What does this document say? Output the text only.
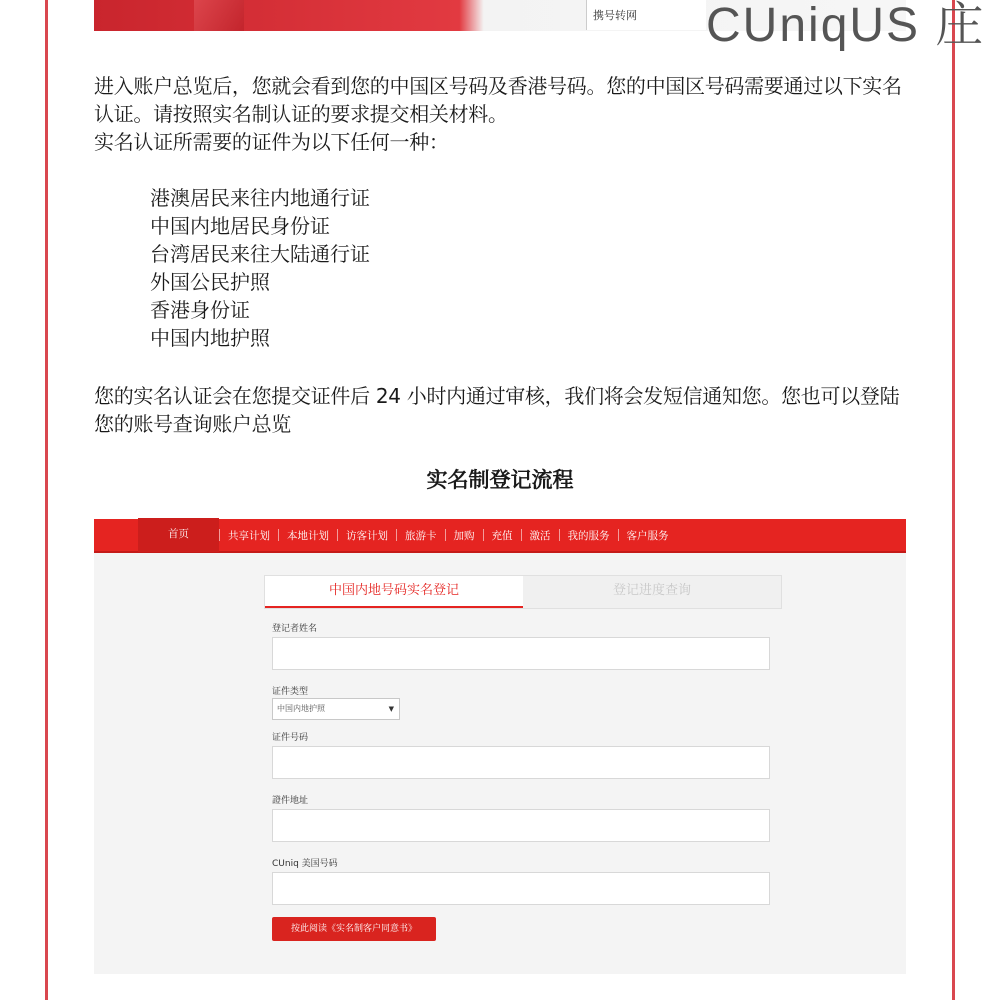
携号转网	CUniqUS 庄

进入账户总览后，您就会看到您的中国区号码及香港号码。您的中国区号码需要通过以下实名认证。请按照实名制认证的要求提交相关材料。
实名认证所需要的证件为以下任何一种：

港澳居民来往内地通行证
中国内地居民身份证
台湾居民来往大陆通行证
外国公民护照
香港身份证
中国内地护照

您的实名认证会在您提交证件后 24 小时内通过审核，我们将会发短信通知您。您也可以登陆您的账号查询账户总览

实名制登记流程
首页	共享计划	本地计划	访客计划	旅游卡	加购	充值	激活	我的服务	客户服务
中国内地号码实名登记	登记进度查询
登记者姓名
证件类型
中国内地护照	▼
证件号码
證件地址
CUniq 美国号码
按此阅读《实名制客户同意书》
